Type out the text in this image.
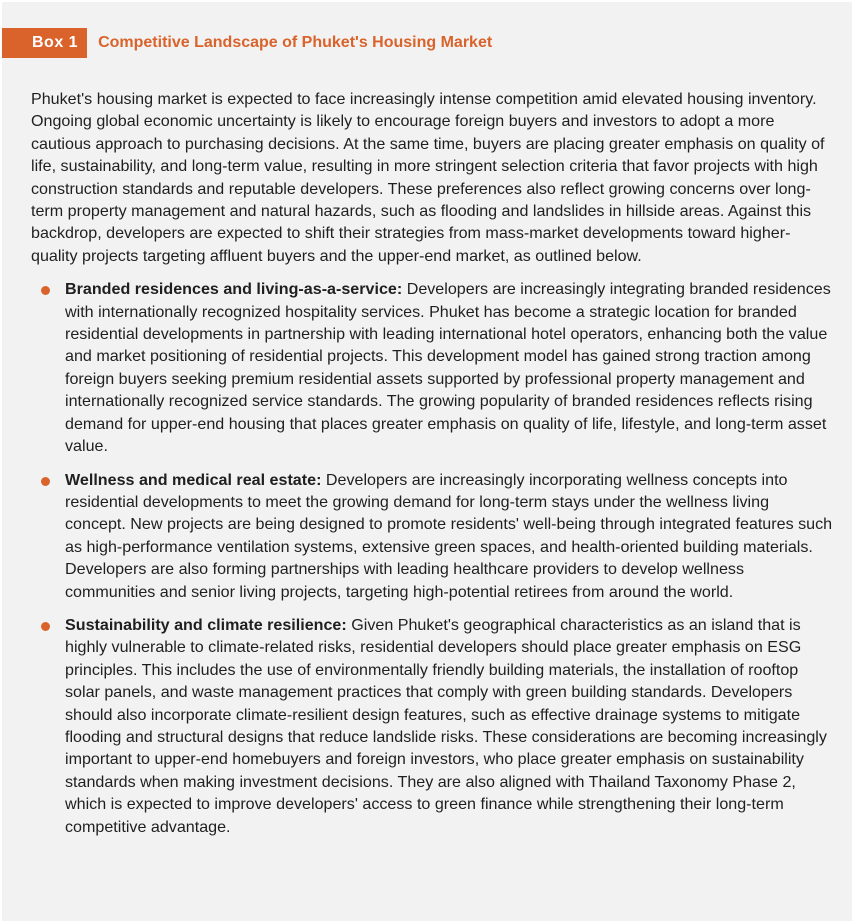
Box 1	Competitive Landscape of Phuket's Housing Market

Phuket's housing market is expected to face increasingly intense competition amid elevated housing inventory. Ongoing global economic uncertainty is likely to encourage foreign buyers and investors to adopt a more cautious approach to purchasing decisions. At the same time, buyers are placing greater emphasis on quality of life, sustainability, and long-term value, resulting in more stringent selection criteria that favor projects with high construction standards and reputable developers. These preferences also reflect growing concerns over long-term property management and natural hazards, such as flooding and landslides in hillside areas. Against this backdrop, developers are expected to shift their strategies from mass-market developments toward higher-quality projects targeting affluent buyers and the upper-end market, as outlined below.

Branded residences and living-as-a-service: Developers are increasingly integrating branded residences with internationally recognized hospitality services. Phuket has become a strategic location for branded residential developments in partnership with leading international hotel operators, enhancing both the value and market positioning of residential projects. This development model has gained strong traction among foreign buyers seeking premium residential assets supported by professional property management and internationally recognized service standards. The growing popularity of branded residences reflects rising demand for upper-end housing that places greater emphasis on quality of life, lifestyle, and long-term asset value.
Wellness and medical real estate: Developers are increasingly incorporating wellness concepts into residential developments to meet the growing demand for long-term stays under the wellness living concept. New projects are being designed to promote residents' well-being through integrated features such as high-performance ventilation systems, extensive green spaces, and health-oriented building materials. Developers are also forming partnerships with leading healthcare providers to develop wellness communities and senior living projects, targeting high-potential retirees from around the world.
Sustainability and climate resilience: Given Phuket's geographical characteristics as an island that is highly vulnerable to climate-related risks, residential developers should place greater emphasis on ESG principles. This includes the use of environmentally friendly building materials, the installation of rooftop solar panels, and waste management practices that comply with green building standards. Developers should also incorporate climate-resilient design features, such as effective drainage systems to mitigate flooding and structural designs that reduce landslide risks. These considerations are becoming increasingly important to upper-end homebuyers and foreign investors, who place greater emphasis on sustainability standards when making investment decisions. They are also aligned with Thailand Taxonomy Phase 2, which is expected to improve developers' access to green finance while strengthening their long-term competitive advantage.
